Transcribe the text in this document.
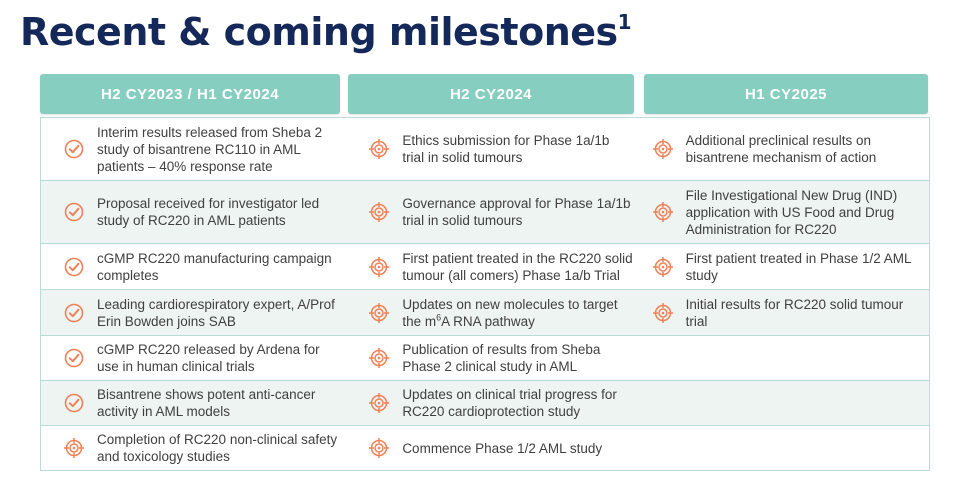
Recent & coming milestones$^1$
H2 CY2023 / H1 CY2024	H2 CY2024	H1 CY2025
Interim results released from Sheba 2 study of bisantrene RC110 in AML patients – 40% response rate
Ethics submission for Phase 1a/1b trial in solid tumours
Additional preclinical results on bisantrene mechanism of action
Proposal received for investigator led study of RC220 in AML patients
Governance approval for Phase 1a/1b trial in solid tumours
File Investigational New Drug (IND) application with US Food and Drug Administration for RC220
cGMP RC220 manufacturing campaign completes
First patient treated in the RC220 solid tumour (all comers) Phase 1a/b Trial
First patient treated in Phase 1/2 AML study
Leading cardiorespiratory expert, A/Prof Erin Bowden joins SAB
Updates on new molecules to target the $m^6A$ RNA pathway
Initial results for RC220 solid tumour trial
cGMP RC220 released by Ardena for use in human clinical trials
Publication of results from Sheba Phase 2 clinical study in AML
Bisantrene shows potent anti-cancer activity in AML models
Updates on clinical trial progress for RC220 cardioprotection study
Completion of RC220 non-clinical safety and toxicology studies
Commence Phase 1/2 AML study
